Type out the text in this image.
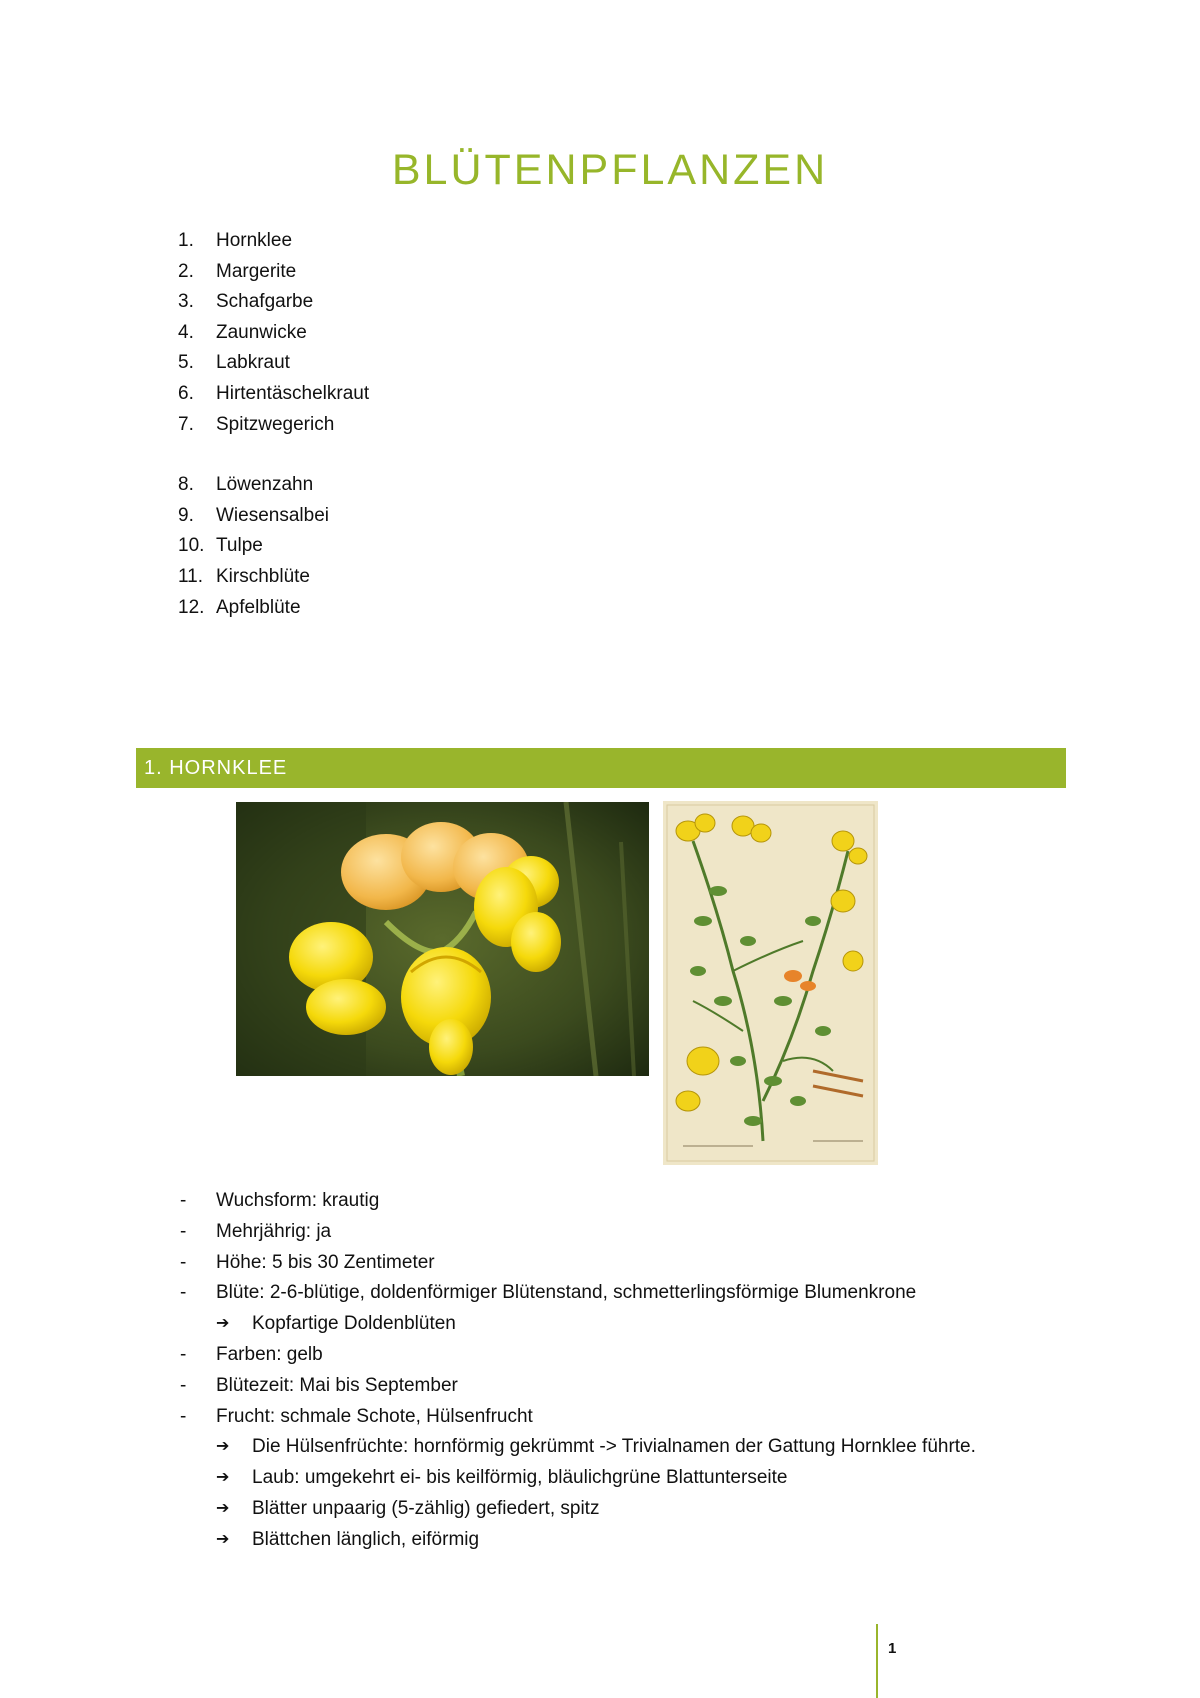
BLÜTENPFLANZEN
1.	Hornklee
2.	Margerite
3.	Schafgarbe
4.	Zaunwicke
5.	Labkraut
6.	Hirtentäschelkraut
7.	Spitzwegerich
8.	Löwenzahn
9.	Wiesensalbei
10. Tulpe
11. Kirschblüte
12. Apfelblüte
1. HORNKLEE
-	Wuchsform: krautig
-	Mehrjährig: ja
-	Höhe: 5 bis 30 Zentimeter
-	Blüte: 2-6-blütige, doldenförmiger Blütenstand, schmetterlingsförmige Blumenkrone
➔	Kopfartige Doldenblüten
-	Farben: gelb
-	Blütezeit: Mai bis September
-	Frucht: schmale Schote, Hülsenfrucht
➔	Die Hülsenfrüchte: hornförmig gekrümmt -> Trivialnamen der Gattung Hornklee führte.
➔	Laub: umgekehrt ei- bis keilförmig, bläulichgrüne Blattunterseite
➔	Blätter unpaarig (5-zählig) gefiedert, spitz
➔	Blättchen länglich, eiförmig
1
